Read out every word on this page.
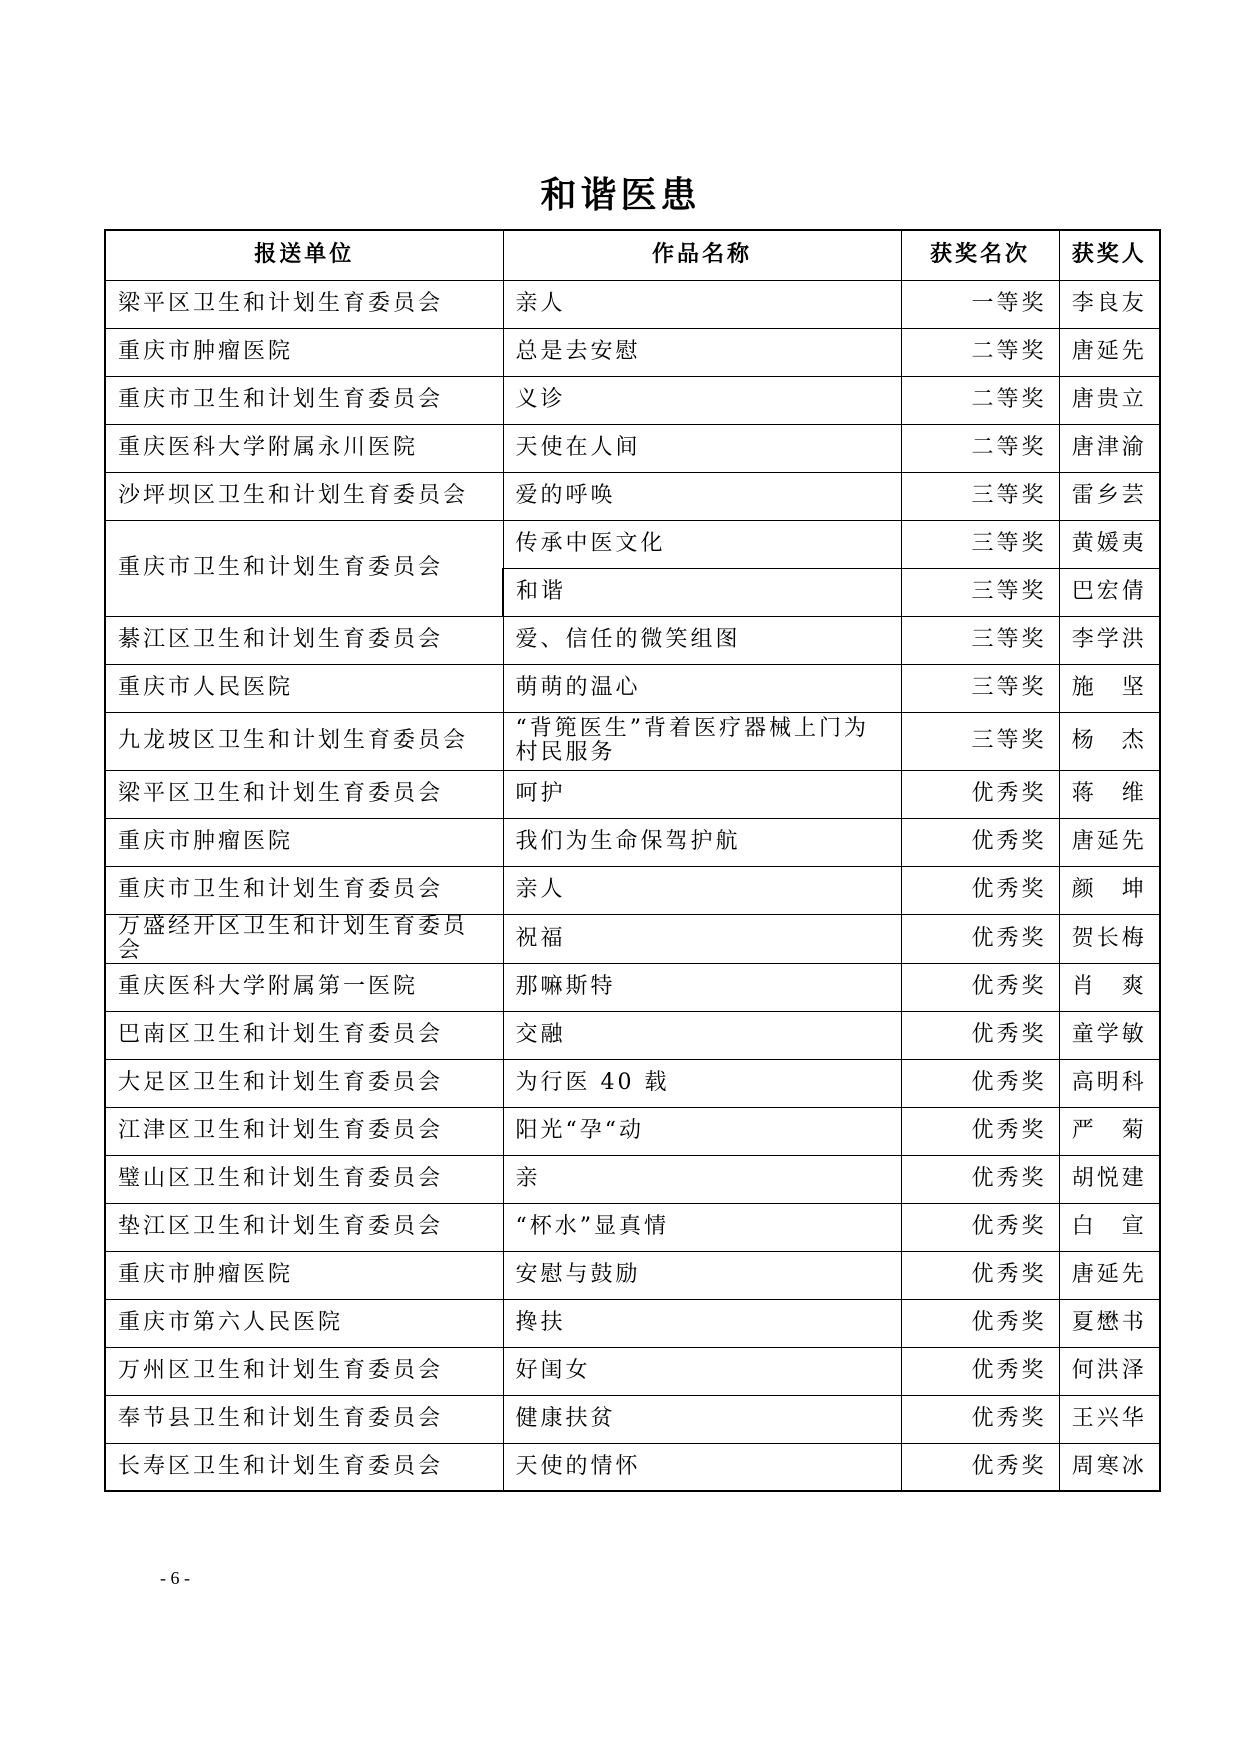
和谐医患
报送单位	作品名称	获奖名次	获奖人
梁平区卫生和计划生育委员会	亲人	一等奖	李良友
重庆市肿瘤医院	总是去安慰	二等奖	唐延先
重庆市卫生和计划生育委员会	义诊	二等奖	唐贵立
重庆医科大学附属永川医院	天使在人间	二等奖	唐津渝
沙坪坝区卫生和计划生育委员会	爱的呼唤	三等奖	雷乡芸
重庆市卫生和计划生育委员会	传承中医文化	三等奖	黄媛夷
	和谐	三等奖	巴宏倩
綦江区卫生和计划生育委员会	爱、信任的微笑组图	三等奖	李学洪
重庆市人民医院	萌萌的温心	三等奖	施　坚
九龙坡区卫生和计划生育委员会	“背篼医生”背着医疗器械上门为村民服务	三等奖	杨　杰
梁平区卫生和计划生育委员会	呵护	优秀奖	蒋　维
重庆市肿瘤医院	我们为生命保驾护航	优秀奖	唐延先
重庆市卫生和计划生育委员会	亲人	优秀奖	颜　坤
万盛经开区卫生和计划生育委员会	祝福	优秀奖	贺长梅
重庆医科大学附属第一医院	那嘛斯特	优秀奖	肖　爽
巴南区卫生和计划生育委员会	交融	优秀奖	童学敏
大足区卫生和计划生育委员会	为行医 40 载	优秀奖	高明科
江津区卫生和计划生育委员会	阳光“孕“动	优秀奖	严　菊
璧山区卫生和计划生育委员会	亲	优秀奖	胡悦建
垫江区卫生和计划生育委员会	“杯水”显真情	优秀奖	白　宣
重庆市肿瘤医院	安慰与鼓励	优秀奖	唐延先
重庆市第六人民医院	搀扶	优秀奖	夏懋书
万州区卫生和计划生育委员会	好闺女	优秀奖	何洪泽
奉节县卫生和计划生育委员会	健康扶贫	优秀奖	王兴华
长寿区卫生和计划生育委员会	天使的情怀	优秀奖	周寒冰
- 6 -
